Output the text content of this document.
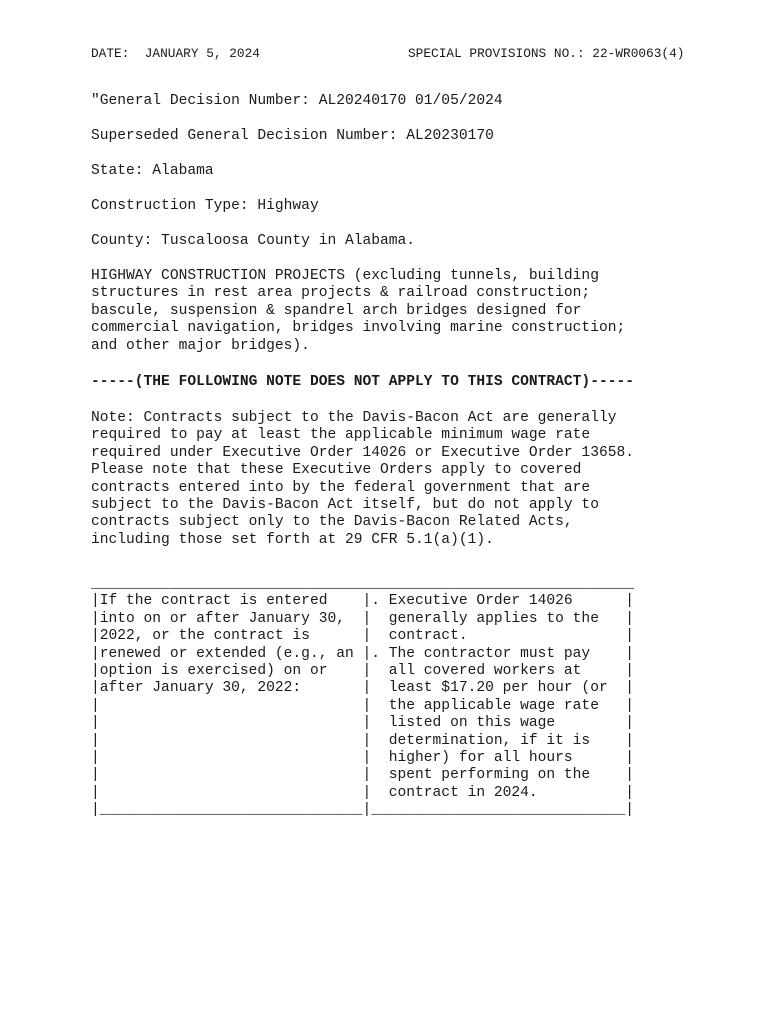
DATE:  JANUARY 5, 2024	SPECIAL PROVISIONS NO.: 22-WR0063(4)
"General Decision Number: AL20240170 01/05/2024
Superseded General Decision Number: AL20230170
State: Alabama
Construction Type: Highway
County: Tuscaloosa County in Alabama.
HIGHWAY CONSTRUCTION PROJECTS (excluding tunnels, building
structures in rest area projects & railroad construction;
bascule, suspension & spandrel arch bridges designed for
commercial navigation, bridges involving marine construction;
and other major bridges).
-----(THE FOLLOWING NOTE DOES NOT APPLY TO THIS CONTRACT)-----
Note: Contracts subject to the Davis-Bacon Act are generally
required to pay at least the applicable minimum wage rate
required under Executive Order 14026 or Executive Order 13658.
Please note that these Executive Orders apply to covered
contracts entered into by the federal government that are
subject to the Davis-Bacon Act itself, but do not apply to
contracts subject only to the Davis-Bacon Related Acts,
including those set forth at 29 CFR 5.1(a)(1).
______________________________________________________________
|If the contract is entered    |. Executive Order 14026      |
|into on or after January 30,  |  generally applies to the   |
|2022, or the contract is      |  contract.                  |
|renewed or extended (e.g., an |. The contractor must pay    |
|option is exercised) on or    |  all covered workers at     |
|after January 30, 2022:       |  least $17.20 per hour (or  |
|                              |  the applicable wage rate   |
|                              |  listed on this wage        |
|                              |  determination, if it is    |
|                              |  higher) for all hours      |
|                              |  spent performing on the    |
|                              |  contract in 2024.          |
|______________________________|_____________________________|
